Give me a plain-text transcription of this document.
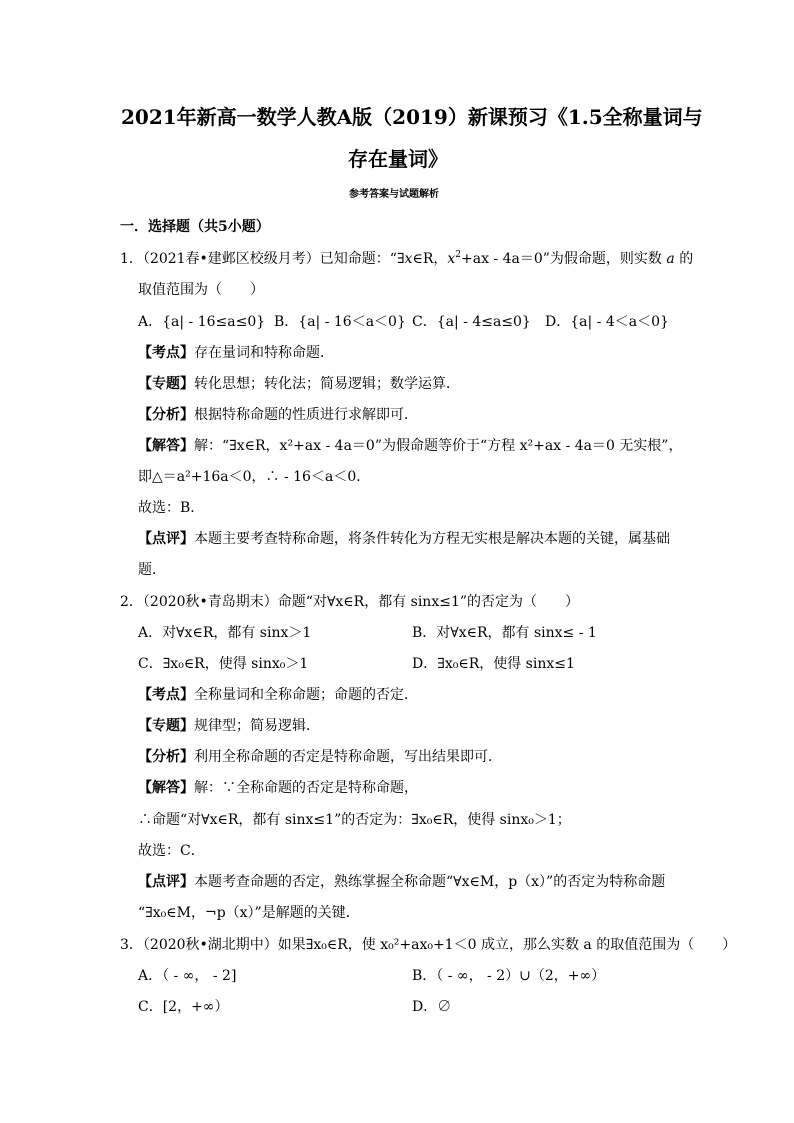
2021年新高一数学人教A版（2019）新课预习《1.5全称量词与
存在量词》
参考答案与试题解析
一．选择题（共5小题）
1．（2021春•建邺区校级月考）已知命题：“∃x∈R，$x^2+ax - 4a=0$”为假命题，则实数 a 的
取值范围为（　　）
A．{a| - 16≤a≤0} B．{a| - 16＜a＜0} C．{a| - 4≤a≤0} D．{a| - 4＜a＜0}
【考点】存在量词和特称命题．
【专题】转化思想；转化法；简易逻辑；数学运算．
【分析】根据特称命题的性质进行求解即可．
【解答】解：“∃x∈R，x²+ax - 4a＝0”为假命题等价于“方程 x²+ax - 4a＝0 无实根”，
即△＝a²+16a＜0，∴ - 16＜a＜0．
故选：B．
【点评】本题主要考查特称命题，将条件转化为方程无实根是解决本题的关键，属基础
题．
2．（2020秋•青岛期末）命题“对∀x∈R，都有 sinx≤1”的否定为（　　）
A．对∀x∈R，都有 sinx＞1	B．对∀x∈R，都有 sinx≤ - 1
C．∃x₀∈R，使得 sinx₀＞1	D．∃x₀∈R，使得 sinx≤1
【考点】全称量词和全称命题；命题的否定．
【专题】规律型；简易逻辑．
【分析】利用全称命题的否定是特称命题，写出结果即可．
【解答】解：∵全称命题的否定是特称命题，
∴命题“对∀x∈R，都有 sinx≤1”的否定为：∃x₀∈R，使得 sinx₀＞1；
故选：C．
【点评】本题考查命题的否定，熟练掌握全称命题“∀x∈M，p（x）”的否定为特称命题
“∃x₀∈M，¬p（x）”是解题的关键．
3．（2020秋•湖北期中）如果∃x₀∈R，使 x₀²+ax₀+1＜0 成立，那么实数 a 的取值范围为（　　）
A．（ - ∞， - 2]	B．（ - ∞， - 2）∪（2，+∞）
C．[2，+∞）	D．∅
